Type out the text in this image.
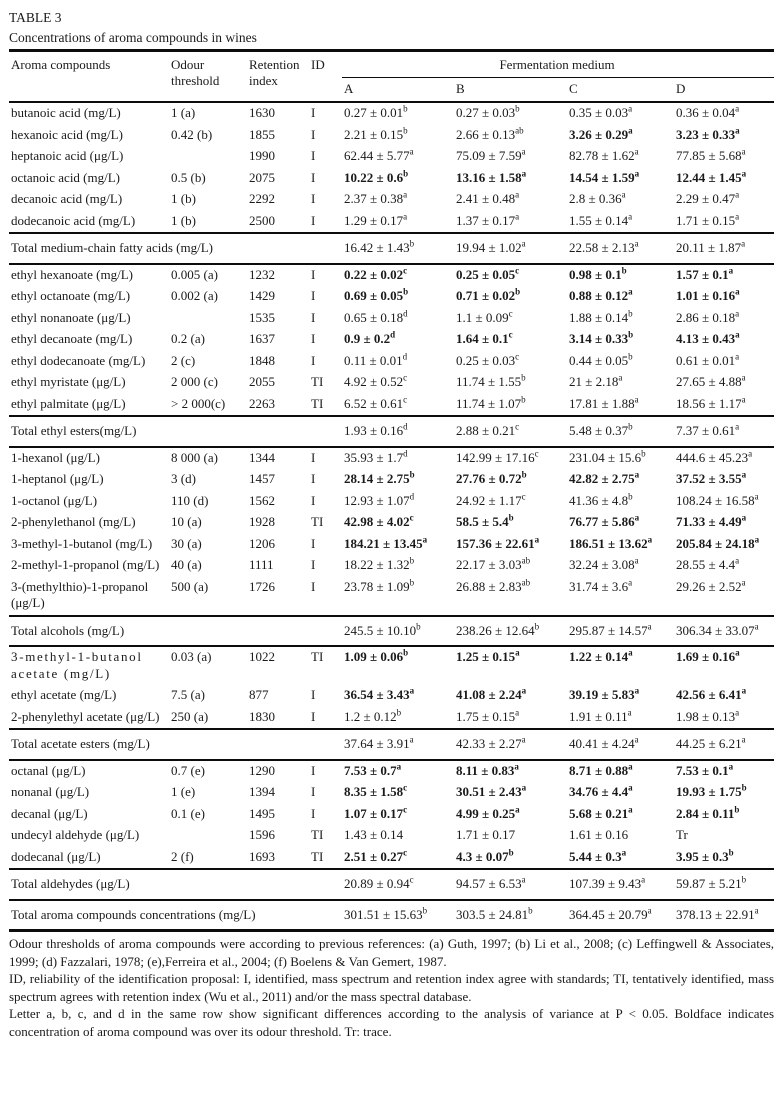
TABLE 3
Concentrations of aroma compounds in wines
Aroma compounds	Odour threshold	Retention index	ID	Fermentation medium			
				A	B	C	D
butanoic acid (mg/L)	1 (a)	1630	I	0.27 ± 0.01$^b$	0.27 ± 0.03$^b$	0.35 ± 0.03$^a$	0.36 ± 0.04$^a$
hexanoic acid (mg/L)	0.42 (b)	1855	I	2.21 ± 0.15$^b$	2.66 ± 0.13$^{ab}$	3.26 ± 0.29$^a$	3.23 ± 0.33$^a$
heptanoic acid (μg/L)		1990	I	62.44 ± 5.77$^a$	75.09 ± 7.59$^a$	82.78 ± 1.62$^a$	77.85 ± 5.68$^a$
octanoic acid (mg/L)	0.5 (b)	2075	I	10.22 ± 0.6$^b$	13.16 ± 1.58$^a$	14.54 ± 1.59$^a$	12.44 ± 1.45$^a$
decanoic acid (mg/L)	1 (b)	2292	I	2.37 ± 0.38$^a$	2.41 ± 0.48$^a$	2.8 ± 0.36$^a$	2.29 ± 0.47$^a$
dodecanoic acid (mg/L)	1 (b)	2500	I	1.29 ± 0.17$^a$	1.37 ± 0.17$^a$	1.55 ± 0.14$^a$	1.71 ± 0.15$^a$
Total medium-chain fatty acids (mg/L)				16.42 ± 1.43$^b$	19.94 ± 1.02$^a$	22.58 ± 2.13$^a$	20.11 ± 1.87$^a$
ethyl hexanoate (mg/L)	0.005 (a)	1232	I	0.22 ± 0.02$^c$	0.25 ± 0.05$^c$	0.98 ± 0.1$^b$	1.57 ± 0.1$^a$
ethyl octanoate (mg/L)	0.002 (a)	1429	I	0.69 ± 0.05$^b$	0.71 ± 0.02$^b$	0.88 ± 0.12$^a$	1.01 ± 0.16$^a$
ethyl nonanoate (μg/L)		1535	I	0.65 ± 0.18$^d$	1.1 ± 0.09$^c$	1.88 ± 0.14$^b$	2.86 ± 0.18$^a$
ethyl decanoate (mg/L)	0.2 (a)	1637	I	0.9 ± 0.2$^d$	1.64 ± 0.1$^c$	3.14 ± 0.33$^b$	4.13 ± 0.43$^a$
ethyl dodecanoate (mg/L)	2 (c)	1848	I	0.11 ± 0.01$^d$	0.25 ± 0.03$^c$	0.44 ± 0.05$^b$	0.61 ± 0.01$^a$
ethyl myristate (μg/L)	2 000 (c)	2055	TI	4.92 ± 0.52$^c$	11.74 ± 1.55$^b$	21 ± 2.18$^a$	27.65 ± 4.88$^a$
ethyl palmitate (μg/L)	> 2 000(c)	2263	TI	6.52 ± 0.61$^c$	11.74 ± 1.07$^b$	17.81 ± 1.88$^a$	18.56 ± 1.17$^a$
Total ethyl esters(mg/L)				1.93 ± 0.16$^d$	2.88 ± 0.21$^c$	5.48 ± 0.37$^b$	7.37 ± 0.61$^a$
1-hexanol (μg/L)	8 000 (a)	1344	I	35.93 ± 1.7$^d$	142.99 ± 17.16$^c$	231.04 ± 15.6$^b$	444.6 ± 45.23$^a$
1-heptanol (μg/L)	3 (d)	1457	I	28.14 ± 2.75$^b$	27.76 ± 0.72$^b$	42.82 ± 2.75$^a$	37.52 ± 3.55$^a$
1-octanol (μg/L)	110 (d)	1562	I	12.93 ± 1.07$^d$	24.92 ± 1.17$^c$	41.36 ± 4.8$^b$	108.24 ± 16.58$^a$
2-phenylethanol (mg/L)	10 (a)	1928	TI	42.98 ± 4.02$^c$	58.5 ± 5.4$^b$	76.77 ± 5.86$^a$	71.33 ± 4.49$^a$
3-methyl-1-butanol (mg/L)	30 (a)	1206	I	184.21 ± 13.45$^a$	157.36 ± 22.61$^a$	186.51 ± 13.62$^a$	205.84 ± 24.18$^a$
2-methyl-1-propanol (mg/L)	40 (a)	1111	I	18.22 ± 1.32$^b$	22.17 ± 3.03$^{ab}$	32.24 ± 3.08$^a$	28.55 ± 4.4$^a$
3-(methylthio)-1-propanol (μg/L)	500 (a)	1726	I	23.78 ± 1.09$^b$	26.88 ± 2.83$^{ab}$	31.74 ± 3.6$^a$	29.26 ± 2.52$^a$
Total alcohols (mg/L)				245.5 ± 10.10$^b$	238.26 ± 12.64$^b$	295.87 ± 14.57$^a$	306.34 ± 33.07$^a$
3-methyl-1-butanol acetate (mg/L)	0.03 (a)	1022	TI	1.09 ± 0.06$^b$	1.25 ± 0.15$^a$	1.22 ± 0.14$^a$	1.69 ± 0.16$^a$
ethyl acetate (mg/L)	7.5 (a)	877	I	36.54 ± 3.43$^a$	41.08 ± 2.24$^a$	39.19 ± 5.83$^a$	42.56 ± 6.41$^a$
2-phenylethyl acetate (μg/L)	250 (a)	1830	I	1.2 ± 0.12$^b$	1.75 ± 0.15$^a$	1.91 ± 0.11$^a$	1.98 ± 0.13$^a$
Total acetate esters (mg/L)				37.64 ± 3.91$^a$	42.33 ± 2.27$^a$	40.41 ± 4.24$^a$	44.25 ± 6.21$^a$
octanal (μg/L)	0.7 (e)	1290	I	7.53 ± 0.7$^a$	8.11 ± 0.83$^a$	8.71 ± 0.88$^a$	7.53 ± 0.1$^a$
nonanal (μg/L)	1 (e)	1394	I	8.35 ± 1.58$^c$	30.51 ± 2.43$^a$	34.76 ± 4.4$^a$	19.93 ± 1.75$^b$
decanal (μg/L)	0.1 (e)	1495	I	1.07 ± 0.17$^c$	4.99 ± 0.25$^a$	5.68 ± 0.21$^a$	2.84 ± 0.11$^b$
undecyl aldehyde (μg/L)		1596	TI	1.43 ± 0.14	1.71 ± 0.17	1.61 ± 0.16	Tr
dodecanal (μg/L)	2 (f)	1693	TI	2.51 ± 0.27$^c$	4.3 ± 0.07$^b$	5.44 ± 0.3$^a$	3.95 ± 0.3$^b$
Total aldehydes (μg/L)				20.89 ± 0.94$^c$	94.57 ± 6.53$^a$	107.39 ± 9.43$^a$	59.87 ± 5.21$^b$
Total aroma compounds concentrations (mg/L)				301.51 ± 15.63$^b$	303.5 ± 24.81$^b$	364.45 ± 20.79$^a$	378.13 ± 22.91$^a$

Odour thresholds of aroma compounds were according to previous references: (a) Guth, 1997; (b) Li et al., 2008; (c) Leffingwell & Associates, 1999; (d) Fazzalari, 1978; (e),Ferreira et al., 2004; (f) Boelens & Van Gemert, 1987.

ID, reliability of the identification proposal: I, identified, mass spectrum and retention index agree with standards; TI, tentatively identified, mass spectrum agrees with retention index (Wu et al., 2011) and/or the mass spectral database.

Letter a, b, c, and d in the same row show significant differences according to the analysis of variance at P < 0.05. Boldface indicates concentration of aroma compound was over its odour threshold. Tr: trace.
